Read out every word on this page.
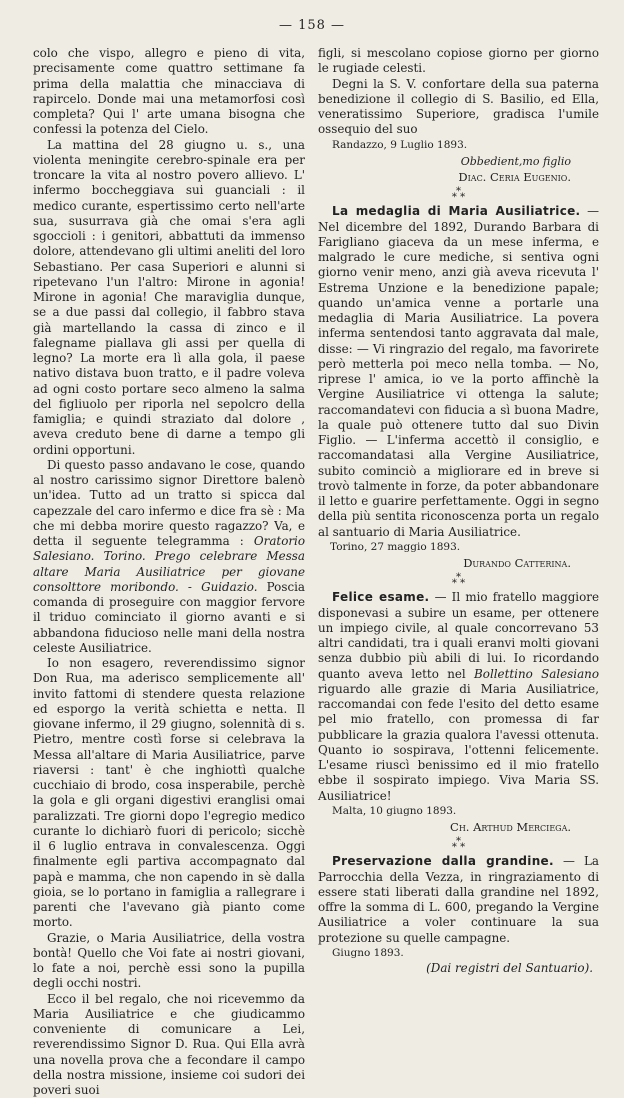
— 158 —

colo che vispo, allegro e pieno di vita, precisamente come quattro settimane fa prima della malattia che minacciava di rapircelo. Donde mai una metamorfosi così completa? Qui l' arte umana bisogna che confessi la potenza del Cielo.

La mattina del 28 giugno u. s., una violenta meningite cerebro-spinale era per troncare la vita al nostro povero allievo. L' infermo boccheggiava sui guanciali : il medico curante, espertissimo certo nell'arte sua, susurrava già che omai s'era agli sgoccioli : i genitori, abbattuti da immenso dolore, attendevano gli ultimi aneliti del loro Sebastiano. Per casa Superiori e alunni si ripetevano l'un l'altro: Mirone in agonia! Mirone in agonia! Che maraviglia dunque, se a due passi dal collegio, il fabbro stava già martellando la cassa di zinco e il falegname piallava gli assi per quella di legno? La morte era lì alla gola, il paese nativo distava buon tratto, e il padre voleva ad ogni costo portare seco almeno la salma del figliuolo per riporla nel sepolcro della famiglia; e quindi straziato dal dolore , aveva creduto bene di darne a tempo gli ordini opportuni.

Di questo passo andavano le cose, quando al nostro carissimo signor Direttore balenò un'idea. Tutto ad un tratto si spicca dal capezzale del caro infermo e dice fra sè : Ma che mi debba morire questo ragazzo? Va, e detta il seguente telegramma : Oratorio Salesiano. Torino. Prego celebrare Messa altare Maria Ausiliatrice per giovane consolttore moribondo. - Guidazio. Poscia comanda di proseguire con maggior fervore il triduo cominciato il giorno avanti e si abbandona fiducioso nelle mani della nostra celeste Ausiliatrice.

Io non esagero, reverendissimo signor Don Rua, ma aderisco semplicemente all' invito fattomi di stendere questa relazione ed esporgo la verità schietta e netta. Il giovane infermo, il 29 giugno, solennità di s. Pietro, mentre costì forse si celebrava la Messa all'altare di Maria Ausiliatrice, parve riaversi : tant' è che inghiottì qualche cucchiaio di brodo, cosa insperabile, perchè la gola e gli organi digestivi eranglisi omai paralizzati. Tre giorni dopo l'egregio medico curante lo dichiarò fuori di pericolo; sicchè il 6 luglio entrava in convalescenza. Oggi finalmente egli partiva accompagnato dal papà e mamma, che non capendo in sè dalla gioia, se lo portano in famiglia a rallegrare i parenti che l'avevano già pianto come morto.

Grazie, o Maria Ausiliatrice, della vostra bontà! Quello che Voi fate ai nostri giovani, lo fate a noi, perchè essi sono la pupilla degli occhi nostri.

Ecco il bel regalo, che noi ricevemmo da Maria Ausiliatrice e che giudicammo conveniente di comunicare a Lei, reverendissimo Signor D. Rua. Qui Ella avrà una novella prova che a fecondare il campo della nostra missione, insieme coi sudori dei poveri suoi

figli, si mescolano copiose giorno per giorno le rugiade celesti.

Degni la S. V. confortare della sua paterna benedizione il collegio di S. Basilio, ed Ella, veneratissimo Superiore, gradisca l'umile ossequio del suo

Randazzo, 9 Luglio 1893.

Obbedient,mo figlio
Diac. Ceria Eugenio.
*
* *

La medaglia di Maria Ausiliatrice. — Nel dicembre del 1892, Durando Barbara di Farigliano giaceva da un mese inferma, e malgrado le cure mediche, si sentiva ogni giorno venir meno, anzi già aveva ricevuta l' Estrema Unzione e la benedizione papale; quando un'amica venne a portarle una medaglia di Maria Ausiliatrice. La povera inferma sentendosi tanto aggravata dal male, disse: — Vi ringrazio del regalo, ma favorirete però metterla poi meco nella tomba. — No, riprese l' amica, io ve la porto affinchè la Vergine Ausiliatrice vi ottenga la salute; raccomandatevi con fiducia a sì buona Madre, la quale può ottenere tutto dal suo Divin Figlio. — L'inferma accettò il consiglio, e raccomandatasi alla Vergine Ausiliatrice, subito cominciò a migliorare ed in breve si trovò talmente in forze, da poter abbandonare il letto e guarire perfettamente. Oggi in segno della più sentita riconoscenza porta un regalo al santuario di Maria Ausiliatrice.

Torino, 27 maggio 1893.

Durando Catterina.
*
* *

Felice esame. — Il mio fratello maggiore disponevasi a subire un esame, per ottenere un impiego civile, al quale concorrevano 53 altri candidati, tra i quali eranvi molti giovani senza dubbio più abili di lui. Io ricordando quanto aveva letto nel Bollettino Salesiano riguardo alle grazie di Maria Ausiliatrice, raccomandai con fede l'esito del detto esame pel mio fratello, con promessa di far pubblicare la grazia qualora l'avessi ottenuta. Quanto io sospirava, l'ottenni felicemente. L'esame riuscì benissimo ed il mio fratello ebbe il sospirato impiego. Viva Maria SS. Ausiliatrice!

Malta, 10 giugno 1893.

Ch. Arthud Merciega.
*
* *

Preservazione dalla grandine. — La Parrocchia della Vezza, in ringraziamento di essere stati liberati dalla grandine nel 1892, offre la somma di L. 600, pregando la Vergine Ausiliatrice a voler continuare la sua protezione su quelle campagne.

Giugno 1893.

(Dai registri del Santuario).
